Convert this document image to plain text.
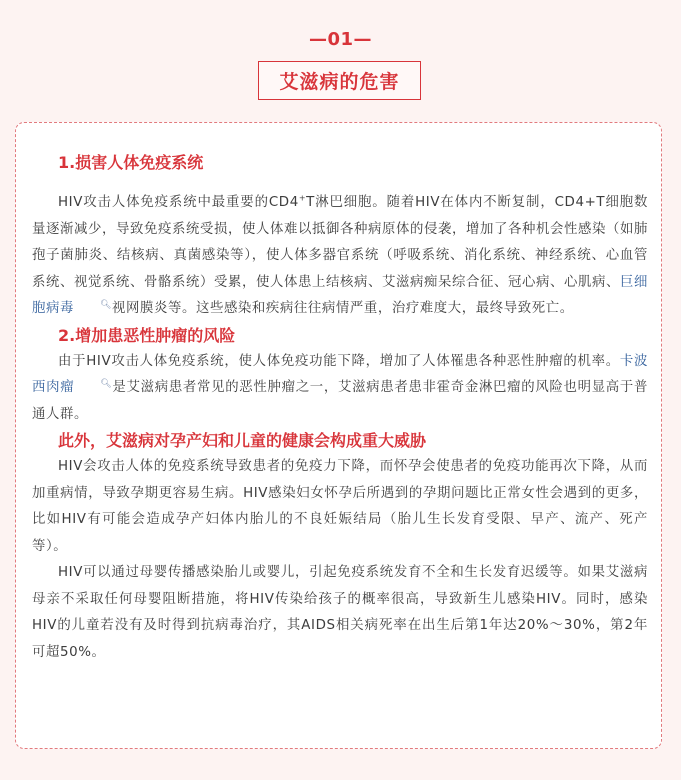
—01—
艾滋病的危害
1.损害人体免疫系统

HIV攻击人体免疫系统中最重要的CD4+T淋巴细胞。随着HIV在体内不断复制，CD4+T细胞数量逐渐减少，导致免疫系统受损，使人体难以抵御各种病原体的侵袭，增加了各种机会性感染（如肺孢子菌肺炎、结核病、真菌感染等），使人体多器官系统（呼吸系统、消化系统、神经系统、心血管系统、视觉系统、骨骼系统）受累，使人体患上结核病、艾滋病痴呆综合征、冠心病、心肌病、巨细胞病毒	🔍︎视网膜炎等。这些感染和疾病往往病情严重，治疗难度大，最终导致死亡。

2.增加患恶性肿瘤的风险

由于HIV攻击人体免疫系统，使人体免疫功能下降，增加了人体罹患各种恶性肿瘤的机率。卡波西肉瘤	🔍︎是艾滋病患者常见的恶性肿瘤之一，艾滋病患者患非霍奇金淋巴瘤的风险也明显高于普通人群。

此外，艾滋病对孕产妇和儿童的健康会构成重大威胁

HIV会攻击人体的免疫系统导致患者的免疫力下降，而怀孕会使患者的免疫功能再次下降，从而加重病情，导致孕期更容易生病。HIV感染妇女怀孕后所遇到的孕期问题比正常女性会遇到的更多，比如HIV有可能会造成孕产妇体内胎儿的不良妊娠结局（胎儿生长发育受限、早产、流产、死产等）。

HIV可以通过母婴传播感染胎儿或婴儿，引起免疫系统发育不全和生长发育迟缓等。如果艾滋病母亲不采取任何母婴阻断措施，将HIV传染给孩子的概率很高，导致新生儿感染HIV。同时，感染HIV的儿童若没有及时得到抗病毒治疗，其AIDS相关病死率在出生后第1年达20%～30%，第2年可超50%。
